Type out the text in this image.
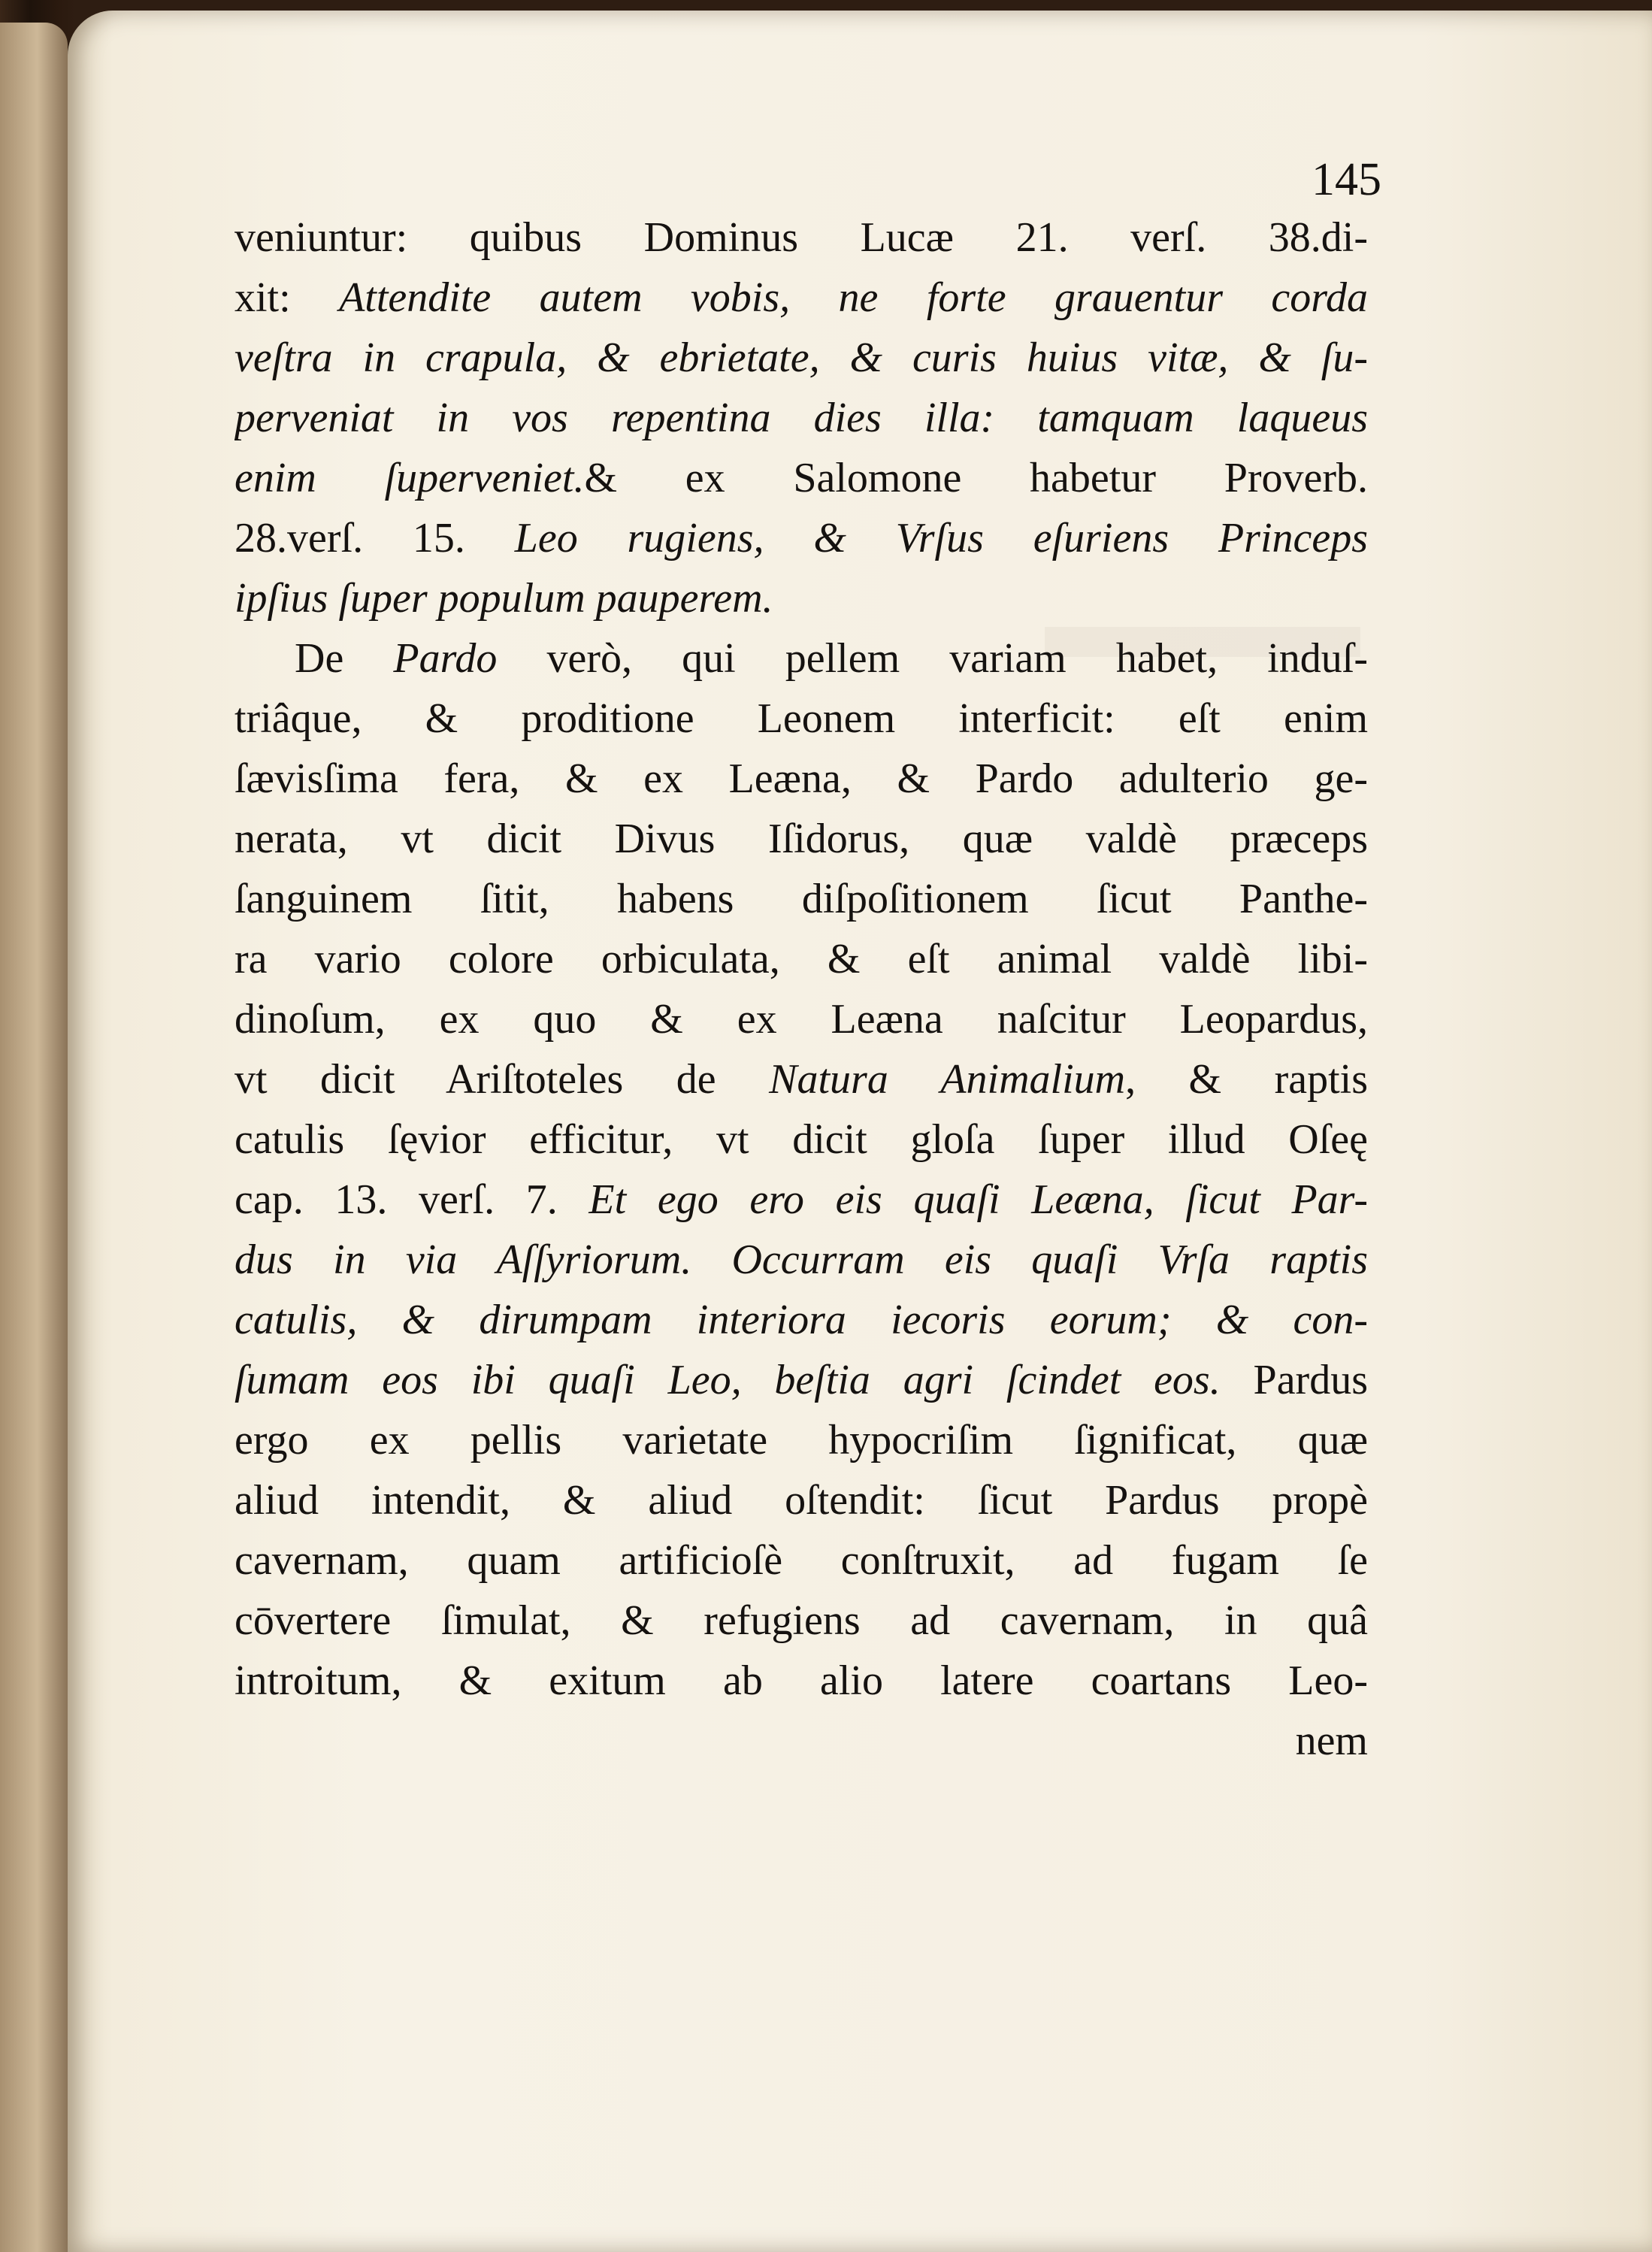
145
veniuntur: quibus Dominus Lucæ 21. verſ. 38.di-
xit: Attendite autem vobis, ne forte grauentur corda
veſtra in crapula, & ebrietate, & curis huius vitæ, & ſu-
perveniat in vos repentina dies illa: tamquam laqueus
enim ſuperveniet.& ex Salomone habetur Proverb.
28.verſ. 15. Leo rugiens, & Vrſus eſuriens Princeps
ipſius ſuper populum pauperem.
De Pardo verò, qui pellem variam habet, induſ-
triâque, & proditione Leonem interficit: eſt enim
ſævisſima fera, & ex Leæna, & Pardo adulterio ge-
nerata, vt dicit Divus Iſidorus, quæ valdè præceps
ſanguinem ſitit, habens diſpoſitionem ſicut Panthe-
ra vario colore orbiculata, & eſt animal valdè libi-
dinoſum, ex quo & ex Leæna naſcitur Leopardus,
vt dicit Ariſtoteles de Natura Animalium, & raptis
catulis ſęvior efficitur, vt dicit gloſa ſuper illud Oſeę
cap. 13. verſ. 7. Et ego ero eis quaſi Leæna, ſicut Par-
dus in via Aſſyriorum. Occurram eis quaſi Vrſa raptis
catulis, & dirumpam interiora iecoris eorum; & con-
ſumam eos ibi quaſi Leo, beſtia agri ſcindet eos. Pardus
ergo ex pellis varietate hypocriſim ſignificat, quæ
aliud intendit, & aliud oſtendit: ſicut Pardus propè
cavernam, quam artificioſè conſtruxit, ad fugam ſe
cōvertere ſimulat, & refugiens ad cavernam, in quâ
introitum, & exitum ab alio latere coartans Leo-
nem
